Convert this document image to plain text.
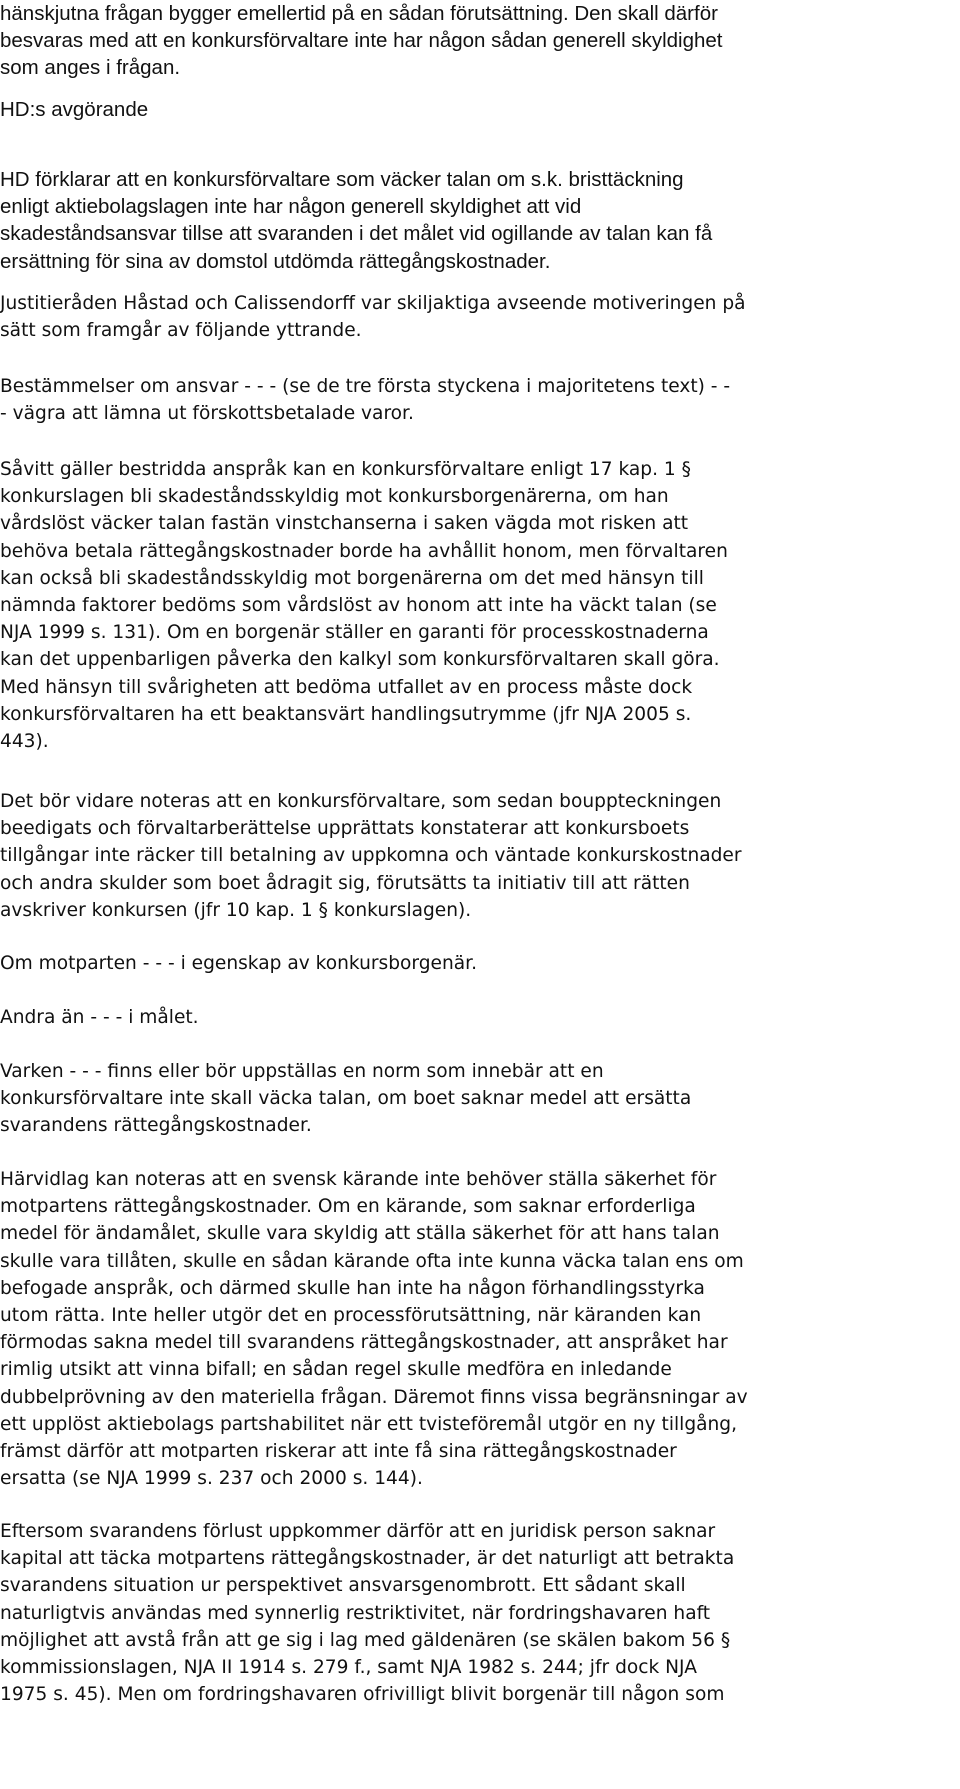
hänskjutna frågan bygger emellertid på en sådan förutsättning. Den skall därför
besvaras med att en konkursförvaltare inte har någon sådan generell skyldighet
som anges i frågan.
HD:s avgörande
HD förklarar att en konkursförvaltare som väcker talan om s.k. bristtäckning
enligt aktiebolagslagen inte har någon generell skyldighet att vid
skadeståndsansvar tillse att svaranden i det målet vid ogillande av talan kan få
ersättning för sina av domstol utdömda rättegångskostnader.
Justitieråden Håstad och Calissendorff var skiljaktiga avseende motiveringen på
sätt som framgår av följande yttrande.
Bestämmelser om ansvar - - - (se de tre första styckena i majoritetens text) - -
- vägra att lämna ut förskottsbetalade varor.
Såvitt gäller bestridda anspråk kan en konkursförvaltare enligt 17 kap. 1 §
konkurslagen bli skadeståndsskyldig mot konkursborgenärerna, om han
vårdslöst väcker talan fastän vinstchanserna i saken vägda mot risken att
behöva betala rättegångskostnader borde ha avhållit honom, men förvaltaren
kan också bli skadeståndsskyldig mot borgenärerna om det med hänsyn till
nämnda faktorer bedöms som vårdslöst av honom att inte ha väckt talan (se
NJA 1999 s. 131). Om en borgenär ställer en garanti för processkostnaderna
kan det uppenbarligen påverka den kalkyl som konkursförvaltaren skall göra.
Med hänsyn till svårigheten att bedöma utfallet av en process måste dock
konkursförvaltaren ha ett beaktansvärt handlingsutrymme (jfr NJA 2005 s.
443).
Det bör vidare noteras att en konkursförvaltare, som sedan bouppteckningen
beedigats och förvaltarberättelse upprättats konstaterar att konkursboets
tillgångar inte räcker till betalning av uppkomna och väntade konkurskostnader
och andra skulder som boet ådragit sig, förutsätts ta initiativ till att rätten
avskriver konkursen (jfr 10 kap. 1 § konkurslagen).
Om motparten - - - i egenskap av konkursborgenär.
Andra än - - - i målet.
Varken - - - finns eller bör uppställas en norm som innebär att en
konkursförvaltare inte skall väcka talan, om boet saknar medel att ersätta
svarandens rättegångskostnader.
Härvidlag kan noteras att en svensk kärande inte behöver ställa säkerhet för
motpartens rättegångskostnader. Om en kärande, som saknar erforderliga
medel för ändamålet, skulle vara skyldig att ställa säkerhet för att hans talan
skulle vara tillåten, skulle en sådan kärande ofta inte kunna väcka talan ens om
befogade anspråk, och därmed skulle han inte ha någon förhandlingsstyrka
utom rätta. Inte heller utgör det en processförutsättning, när käranden kan
förmodas sakna medel till svarandens rättegångskostnader, att anspråket har
rimlig utsikt att vinna bifall; en sådan regel skulle medföra en inledande
dubbelprövning av den materiella frågan. Däremot finns vissa begränsningar av
ett upplöst aktiebolags partshabilitet när ett tvisteföremål utgör en ny tillgång,
främst därför att motparten riskerar att inte få sina rättegångskostnader
ersatta (se NJA 1999 s. 237 och 2000 s. 144).
Eftersom svarandens förlust uppkommer därför att en juridisk person saknar
kapital att täcka motpartens rättegångskostnader, är det naturligt att betrakta
svarandens situation ur perspektivet ansvarsgenombrott. Ett sådant skall
naturligtvis användas med synnerlig restriktivitet, när fordringshavaren haft
möjlighet att avstå från att ge sig i lag med gäldenären (se skälen bakom 56 §
kommissionslagen, NJA II 1914 s. 279 f., samt NJA 1982 s. 244; jfr dock NJA
1975 s. 45). Men om fordringshavaren ofrivilligt blivit borgenär till någon som
